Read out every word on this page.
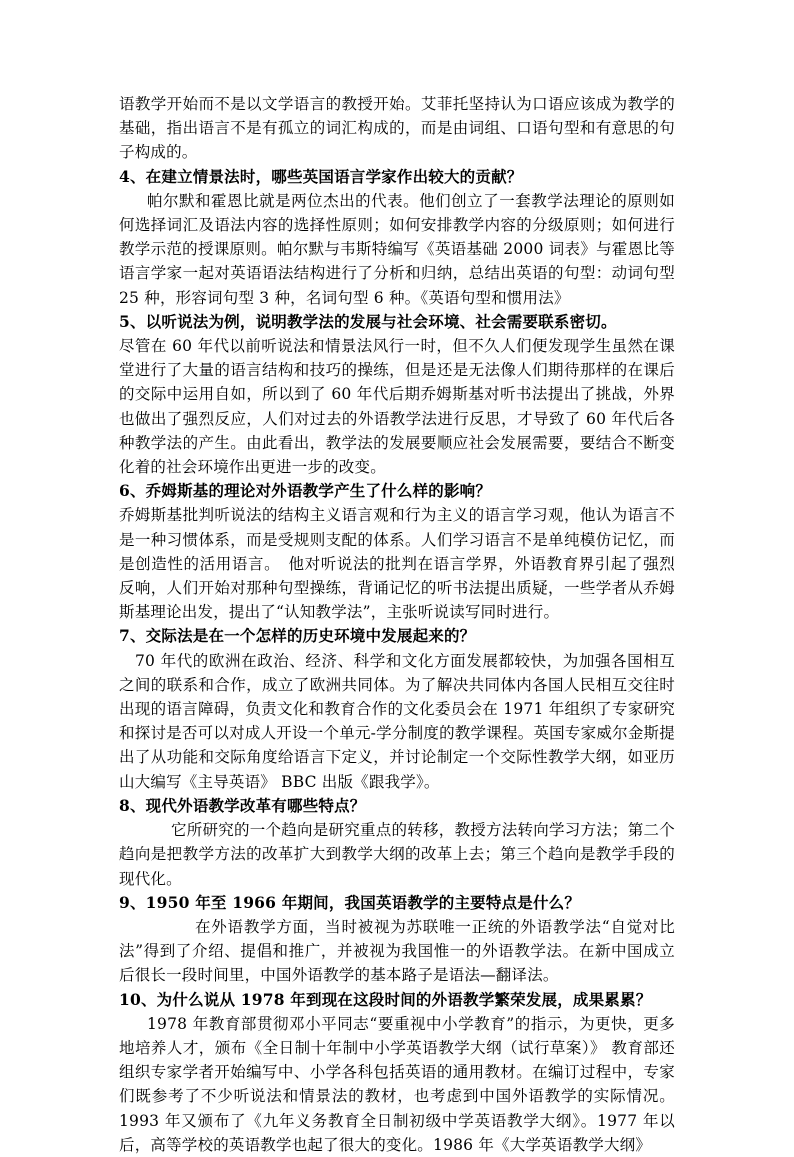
语教学开始而不是以文学语言的教授开始。艾菲托坚持认为口语应该成为教学的基础，指出语言不是有孤立的词汇构成的，而是由词组、口语句型和有意思的句子构成的。

4、在建立情景法时，哪些英国语言学家作出较大的贡献？

帕尔默和霍恩比就是两位杰出的代表。他们创立了一套教学法理论的原则如何选择词汇及语法内容的选择性原则；如何安排教学内容的分级原则；如何进行教学示范的授课原则。帕尔默与韦斯特编写《英语基础 2000 词表》与霍恩比等语言学家一起对英语语法结构进行了分析和归纳，总结出英语的句型：动词句型 25 种，形容词句型 3 种，名词句型 6 种。《英语句型和惯用法》

5、以听说法为例，说明教学法的发展与社会环境、社会需要联系密切。

尽管在 60 年代以前听说法和情景法风行一时，但不久人们便发现学生虽然在课堂进行了大量的语言结构和技巧的操练，但是还是无法像人们期待那样的在课后的交际中运用自如，所以到了 60 年代后期乔姆斯基对听书法提出了挑战，外界也做出了强烈反应，人们对过去的外语教学法进行反思，才导致了 60 年代后各种教学法的产生。由此看出，教学法的发展要顺应社会发展需要，要结合不断变化着的社会环境作出更进一步的改变。

6、乔姆斯基的理论对外语教学产生了什么样的影响？

乔姆斯基批判听说法的结构主义语言观和行为主义的语言学习观，他认为语言不是一种习惯体系，而是受规则支配的体系。人们学习语言不是单纯模仿记忆，而是创造性的活用语言。　他对听说法的批判在语言学界，外语教育界引起了强烈反响，人们开始对那种句型操练，背诵记忆的听书法提出质疑，一些学者从乔姆斯基理论出发，提出了“认知教学法”，主张听说读写同时进行。

7、交际法是在一个怎样的历史环境中发展起来的？

70 年代的欧洲在政治、经济、科学和文化方面发展都较快，为加强各国相互之间的联系和合作，成立了欧洲共同体。为了解决共同体内各国人民相互交往时出现的语言障碍，负责文化和教育合作的文化委员会在 1971 年组织了专家研究和探讨是否可以对成人开设一个单元-学分制度的教学课程。英国专家威尔金斯提出了从功能和交际角度给语言下定义，并讨论制定一个交际性教学大纲，如亚历山大编写《主导英语》 BBC 出版《跟我学》。

8、现代外语教学改革有哪些特点？

它所研究的一个趋向是研究重点的转移，教授方法转向学习方法；第二个趋向是把教学方法的改革扩大到教学大纲的改革上去；第三个趋向是教学手段的现代化。

9、1950 年至 1966 年期间，我国英语教学的主要特点是什么？

在外语教学方面，当时被视为苏联唯一正统的外语教学法“自觉对比法”得到了介绍、提倡和推广，并被视为我国惟一的外语教学法。在新中国成立后很长一段时间里，中国外语教学的基本路子是语法—翻译法。

10、为什么说从 1978 年到现在这段时间的外语教学繁荣发展，成果累累？

1978 年教育部贯彻邓小平同志“要重视中小学教育”的指示，为更快，更多地培养人才，颁布《全日制十年制中小学英语教学大纲（试行草案）》 教育部还组织专家学者开始编写中、小学各科包括英语的通用教材。在编订过程中，专家们既参考了不少听说法和情景法的教材，也考虑到中国外语教学的实际情况。1993 年又颁布了《九年义务教育全日制初级中学英语教学大纲》。1977 年以后，高等学校的英语教学也起了很大的变化。1986 年《大学英语教学大纲》
